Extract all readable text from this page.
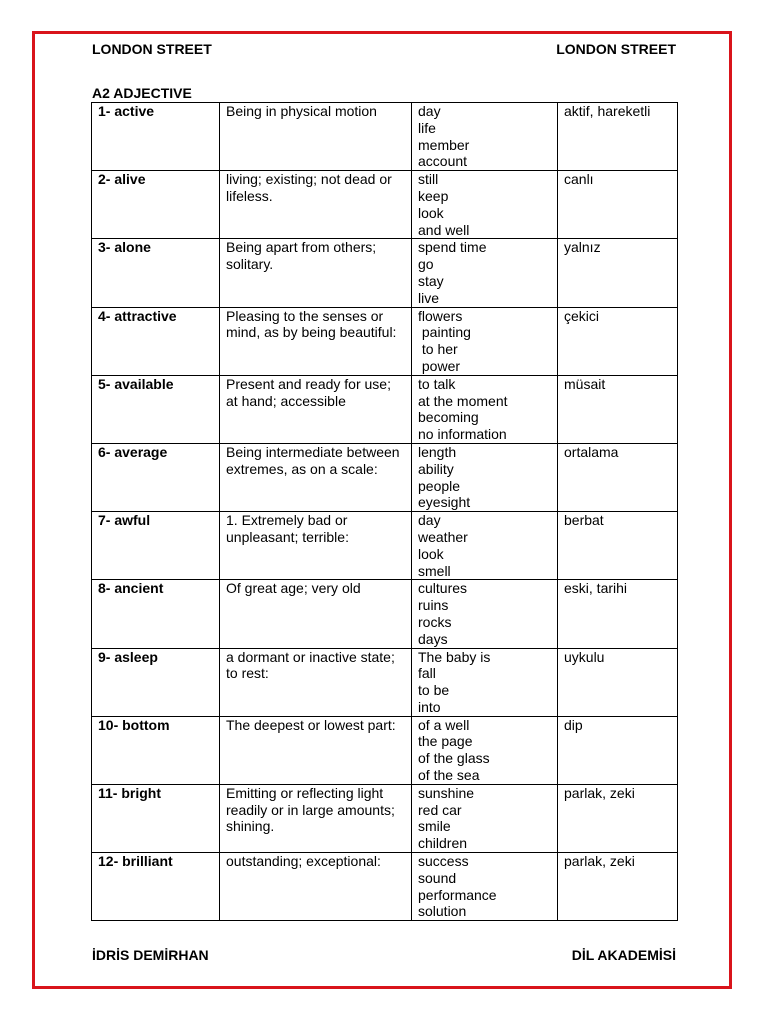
LONDON STREET	LONDON STREET
A2 ADJECTIVE
1- active	Being in physical motion	day
life
member
account	aktif, hareketli
2- alive	living; existing; not dead or lifeless.	still
keep
look
and well	canlı
3- alone	Being apart from others; solitary.	spend time
go
stay
live	yalnız
4- attractive	Pleasing to the senses or mind, as by being beautiful:	flowers
painting
to her
power	çekici
5- available	Present and ready for use; at hand; accessible	to talk
at the moment
becoming
no information	müsait
6- average	Being intermediate between extremes, as on a scale:	length
ability
people
eyesight	ortalama
7- awful	1. Extremely bad or unpleasant; terrible:	day
weather
look
smell	berbat
8- ancient	Of great age; very old	cultures
ruins
rocks
days	eski, tarihi
9- asleep	a dormant or inactive state; to rest:	The baby is
fall
to be
into	uykulu
10- bottom	The deepest or lowest part:	of a well
the page
of the glass
of the sea	dip
11- bright	Emitting or reflecting light readily or in large amounts; shining.	sunshine
red car
smile
children	parlak, zeki
12- brilliant	outstanding; exceptional:	success
sound
performance
solution	parlak, zeki
İDRİS DEMİRHAN	DİL AKADEMİSİ
